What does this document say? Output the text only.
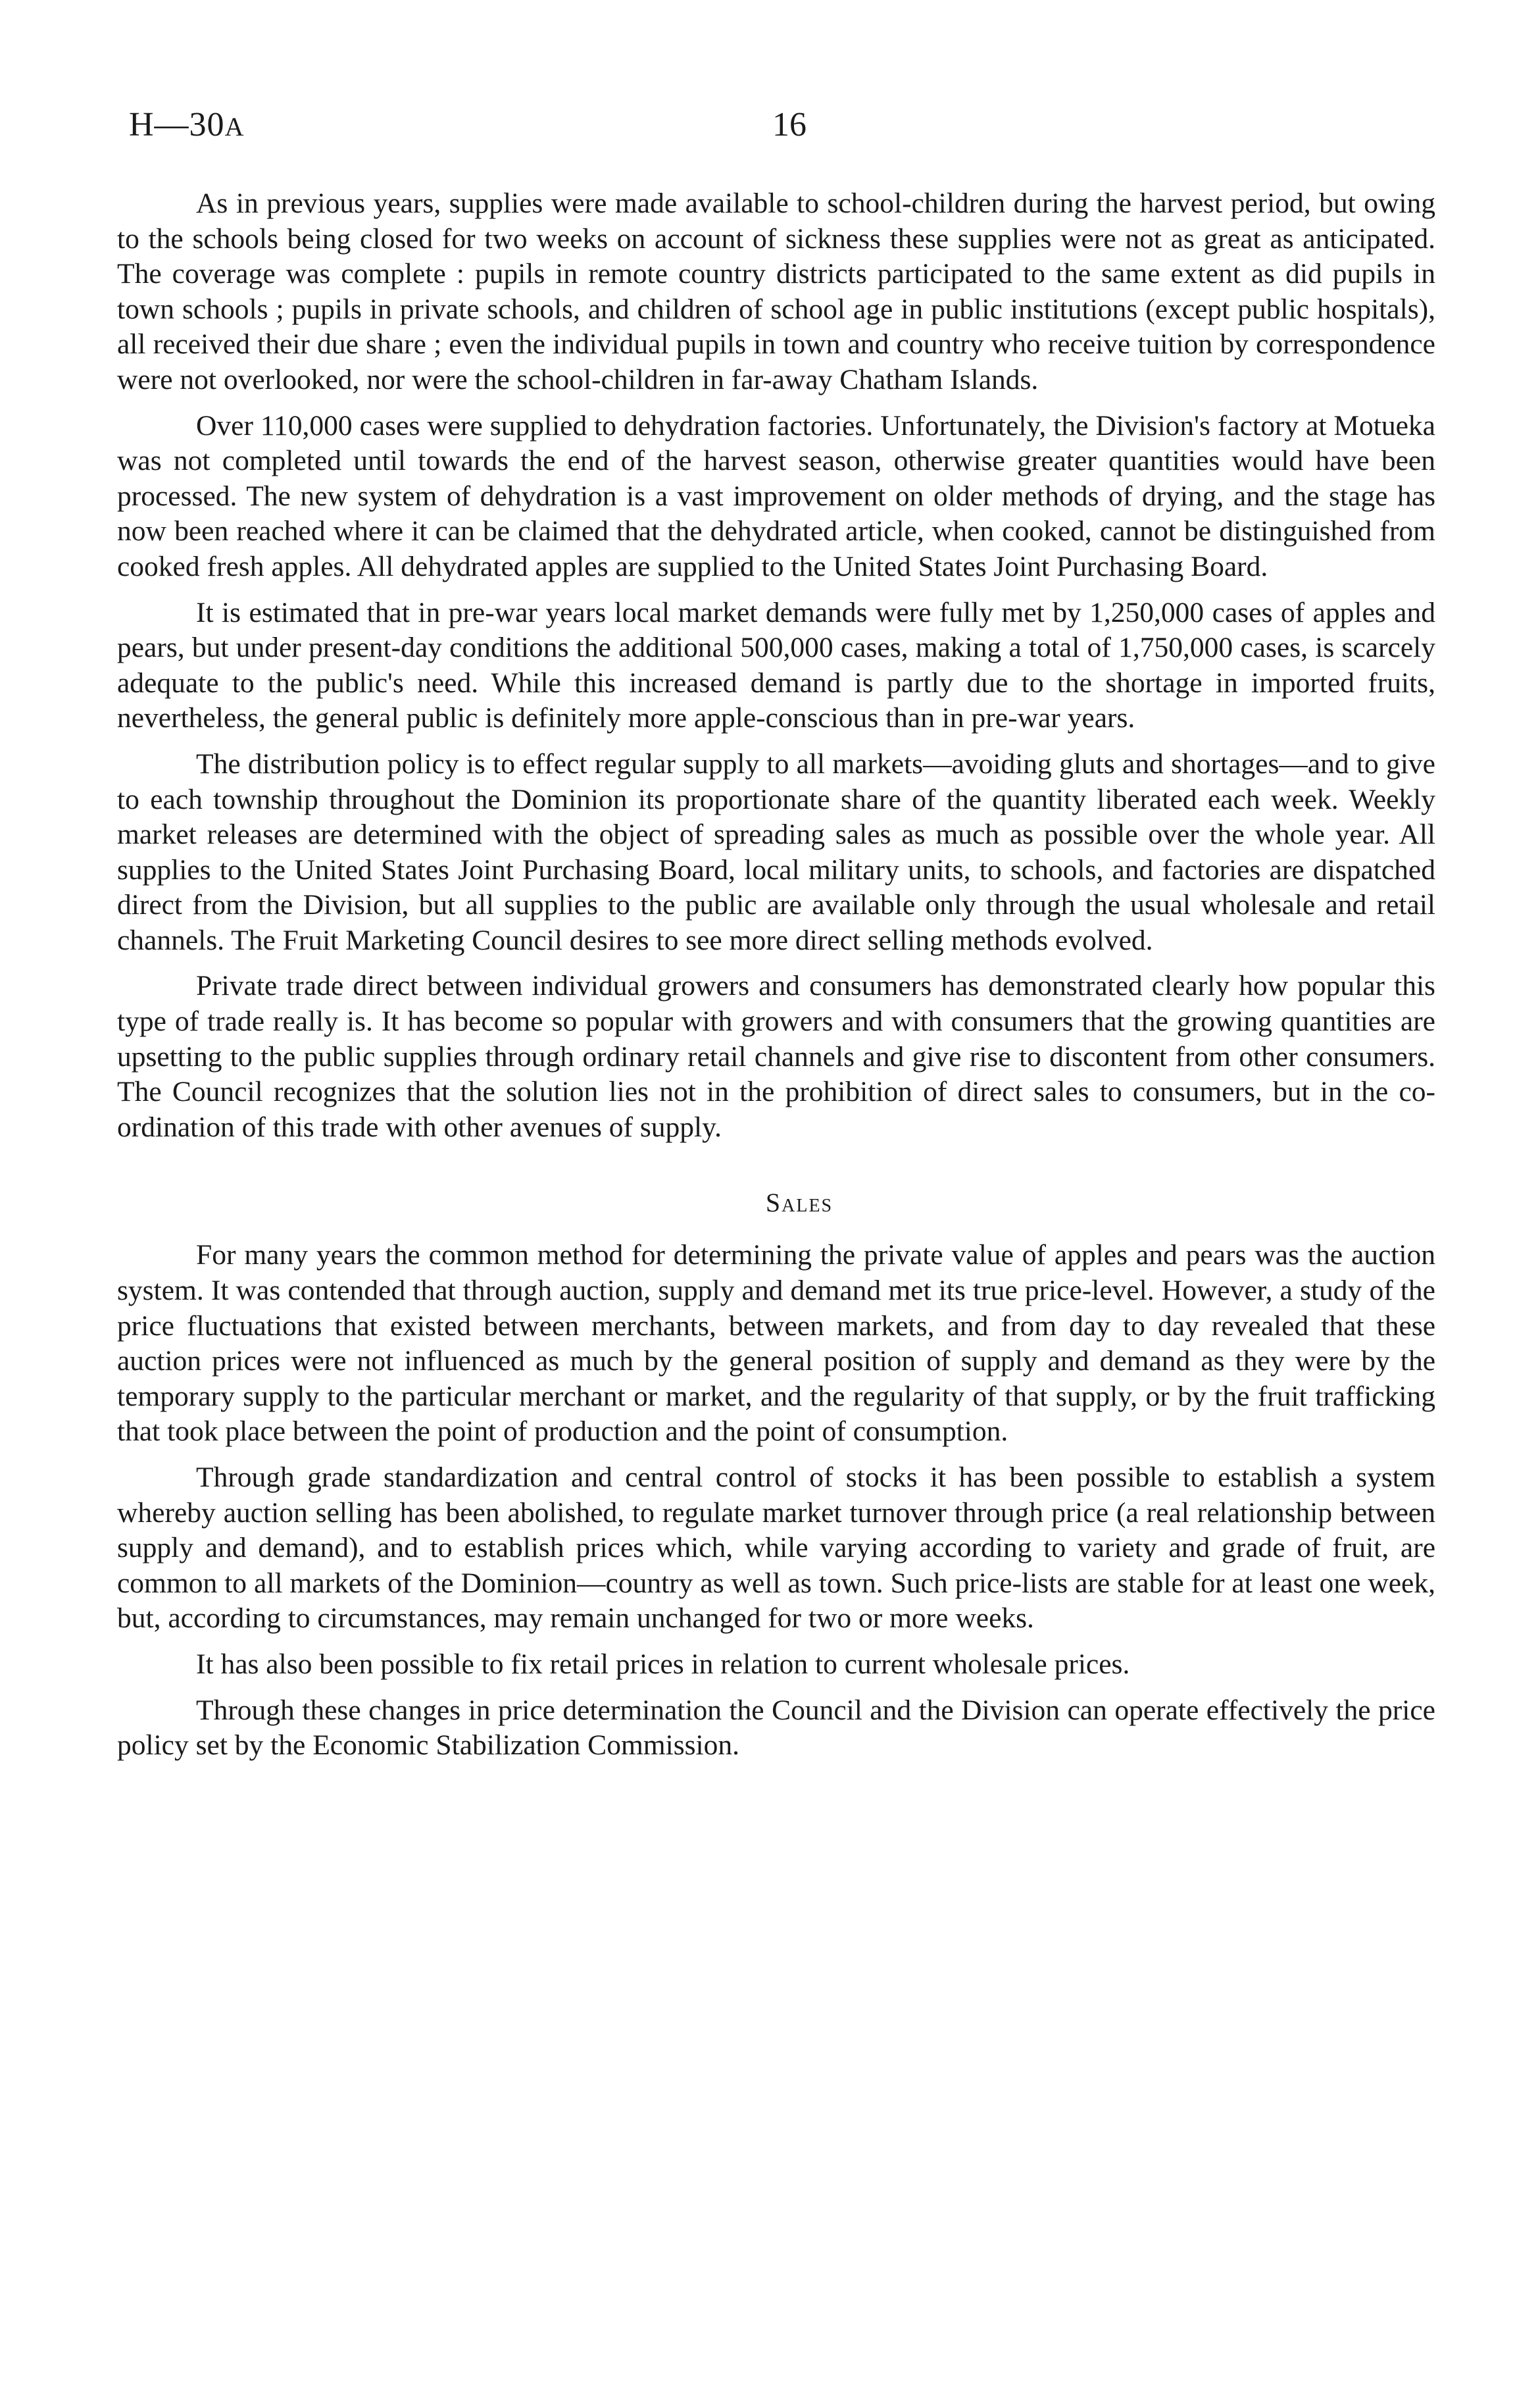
H—30A	16

As in previous years, supplies were made available to school-children during the harvest period, but owing to the schools being closed for two weeks on account of sickness these supplies were not as great as anticipated. The coverage was complete : pupils in remote country districts participated to the same extent as did pupils in town schools ; pupils in private schools, and children of school age in public institutions (except public hospitals), all received their due share ; even the individual pupils in town and country who receive tuition by correspondence were not overlooked, nor were the school-children in far-away Chatham Islands.

Over 110,000 cases were supplied to dehydration factories. Unfortunately, the Division's factory at Motueka was not completed until towards the end of the harvest season, otherwise greater quantities would have been processed. The new system of dehydration is a vast improvement on older methods of drying, and the stage has now been reached where it can be claimed that the dehydrated article, when cooked, cannot be distinguished from cooked fresh apples. All dehydrated apples are supplied to the United States Joint Purchasing Board.

It is estimated that in pre-war years local market demands were fully met by 1,250,000 cases of apples and pears, but under present-day conditions the additional 500,000 cases, making a total of 1,750,000 cases, is scarcely adequate to the public's need. While this increased demand is partly due to the shortage in imported fruits, nevertheless, the general public is definitely more apple-conscious than in pre-war years.

The distribution policy is to effect regular supply to all markets—avoiding gluts and shortages—and to give to each township throughout the Dominion its proportionate share of the quantity liberated each week. Weekly market releases are determined with the object of spreading sales as much as possible over the whole year. All supplies to the United States Joint Purchasing Board, local military units, to schools, and factories are dispatched direct from the Division, but all supplies to the public are available only through the usual wholesale and retail channels. The Fruit Marketing Council desires to see more direct selling methods evolved.

Private trade direct between individual growers and consumers has demonstrated clearly how popular this type of trade really is. It has become so popular with growers and with consumers that the growing quantities are upsetting to the public supplies through ordinary retail channels and give rise to discontent from other consumers. The Council recognizes that the solution lies not in the prohibition of direct sales to consumers, but in the co-ordination of this trade with other avenues of supply.

Sales

For many years the common method for determining the private value of apples and pears was the auction system. It was contended that through auction, supply and demand met its true price-level. However, a study of the price fluctuations that existed between merchants, between markets, and from day to day revealed that these auction prices were not influenced as much by the general position of supply and demand as they were by the temporary supply to the particular merchant or market, and the regularity of that supply, or by the fruit trafficking that took place between the point of production and the point of consumption.

Through grade standardization and central control of stocks it has been possible to establish a system whereby auction selling has been abolished, to regulate market turnover through price (a real relationship between supply and demand), and to establish prices which, while varying according to variety and grade of fruit, are common to all markets of the Dominion—country as well as town. Such price-lists are stable for at least one week, but, according to circumstances, may remain unchanged for two or more weeks.

It has also been possible to fix retail prices in relation to current wholesale prices.

Through these changes in price determination the Council and the Division can operate effectively the price policy set by the Economic Stabilization Commission.
